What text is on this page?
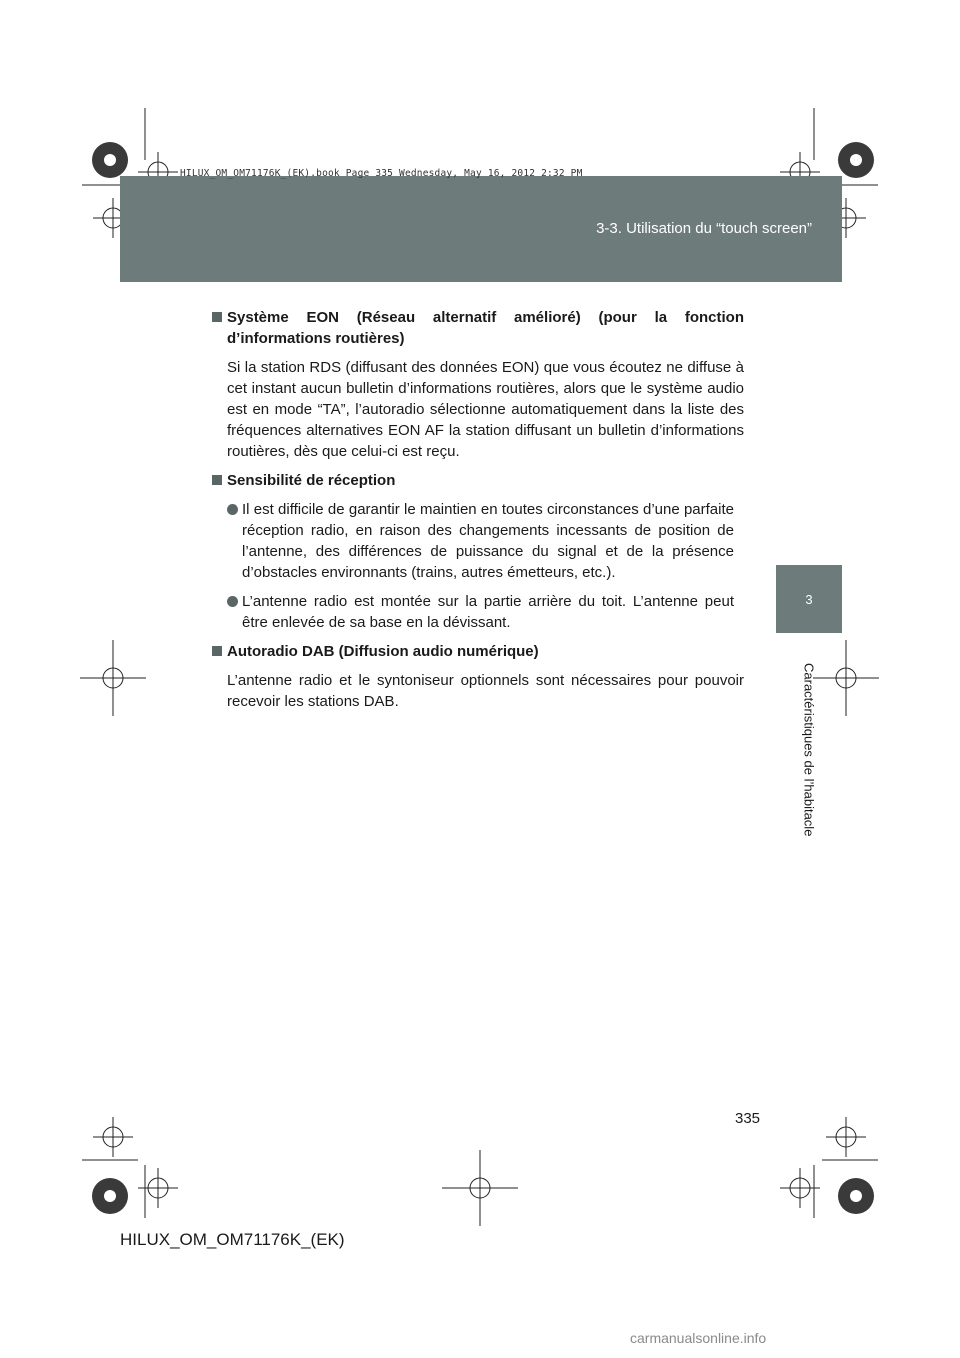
3-3. Utilisation du “touch screen”
HILUX_OM_OM71176K_(EK).book Page 335 Wednesday, May 16, 2012 2:32 PM
3
Caractéristiques de l’habitacle
Système EON (Réseau alternatif amélioré) (pour la fonction d’informations routières)

Si la station RDS (diffusant des données EON) que vous écoutez ne diffuse à cet instant aucun bulletin d’informations routières, alors que le système audio est en mode “TA”, l’autoradio sélectionne automatiquement dans la liste des fréquences alternatives EON AF la station diffusant un bulletin d’informations routières, dès que celui-ci est reçu.

Sensibilité de réception
Il est difficile de garantir le maintien en toutes circonstances d’une parfaite réception radio, en raison des changements incessants de position de l’antenne, des différences de puissance du signal et de la présence d’obstacles environnants (trains, autres émetteurs, etc.).
L’antenne radio est montée sur la partie arrière du toit. L’antenne peut être enlevée de sa base en la dévissant.
Autoradio DAB (Diffusion audio numérique)

L’antenne radio et le syntoniseur optionnels sont nécessaires pour pouvoir recevoir les stations DAB.

335
HILUX_OM_OM71176K_(EK)
carmanualsonline.info
